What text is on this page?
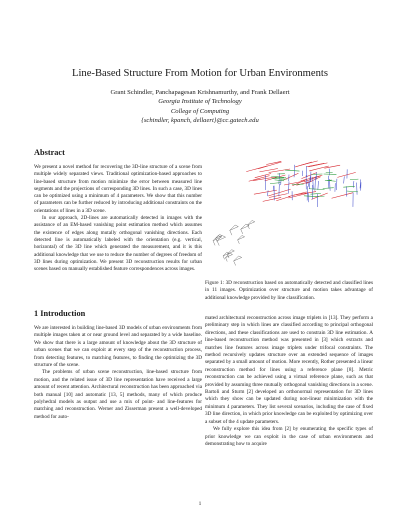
Line-Based Structure From Motion for Urban Environments
Grant Schindler, Panchapagesan Krishnamurthy, and Frank Dellaert
Georgia Institute of Technology
College of Computing
{schindler, kpanch, dellaert}@cc.gatech.edu
Abstract

We present a novel method for recovering the 3D-line structure of a scene from multiple widely separated views. Traditional optimization-based approaches to line-based structure from motion minimize the error between measured line segments and the projections of corresponding 3D lines. In such a case, 3D lines can be optimized using a minimum of 4 parameters. We show that this number of parameters can be further reduced by introducing additional constraints on the orientations of lines in a 3D scene.

In our approach, 2D-lines are automatically detected in images with the assistance of an EM-based vanishing point estimation method which assumes the existence of edges along mutally orthogonal vanishing directions. Each detected line is automatically labeled with the orientation (e.g. vertical, horizontal) of the 3D line which generated the measurement, and it is this additional knowledge that we use to reduce the number of degrees of freedom of 3D lines during optimization. We present 3D reconstruction results for urban scenes based on manually established feature correspondences across images.

1 Introduction

We are interested in building line-based 3D models of urban environments from multiple images taken at or near ground level and separated by a wide baseline. We show that there is a large amount of knowledge about the 3D structure of urban scenes that we can exploit at every step of the reconstruction process, from detecting features, to matching features, to finding the optimizing the 3D structure of the scene.

The problems of urban scene reconstruction, line-based structure from motion, and the related issue of 3D line representation have received a large amount of recent attention. Architectural reconstruction has been approached via both manual [10] and automatic [13, 5] methods, many of which produce polyhedral models as output and use a mix of point- and line-features for matching and reconstruction. Werner and Zisserman present a well-developed method for auto-

Figure 1: 3D reconstruction based on automatically detected and classified lines in 11 images. Optimization over structure and motion takes advantage of additional knowledge provided by line classification.

mated architectural reconstruction across image triplets in [13]. They perform a preliminary step in which lines are classified according to principal orthogonal directions, and these classifications are used to constrain 3D line estimation. A line-based reconstruction method was presented in [3] which extracts and matches line features across image triplets under trifocal constraints. The method recursively updates structure over an extended sequence of images separated by a small amount of motion. More recently, Rother presented a linear reconstruction method for lines using a reference plane [8]. Metric reconstruction can be achieved using a virtual reference plane, such as that provided by assuming three mutually orthogonal vanishing directions in a scene. Bartoli and Sturm [2] developed an orthonormal representation for 3D lines which they show can be updated during non-linear minimization with the minimum 4 parameters. They list several scenarios, including the case of fixed 3D line direction, in which prior knowledge can be exploited by optimizing over a subset of the 4 update parameters.

We fully explore this idea from [2] by enumerating the specific types of prior knowledge we can exploit in the case of urban environments and demonstrating how to acquire

1
